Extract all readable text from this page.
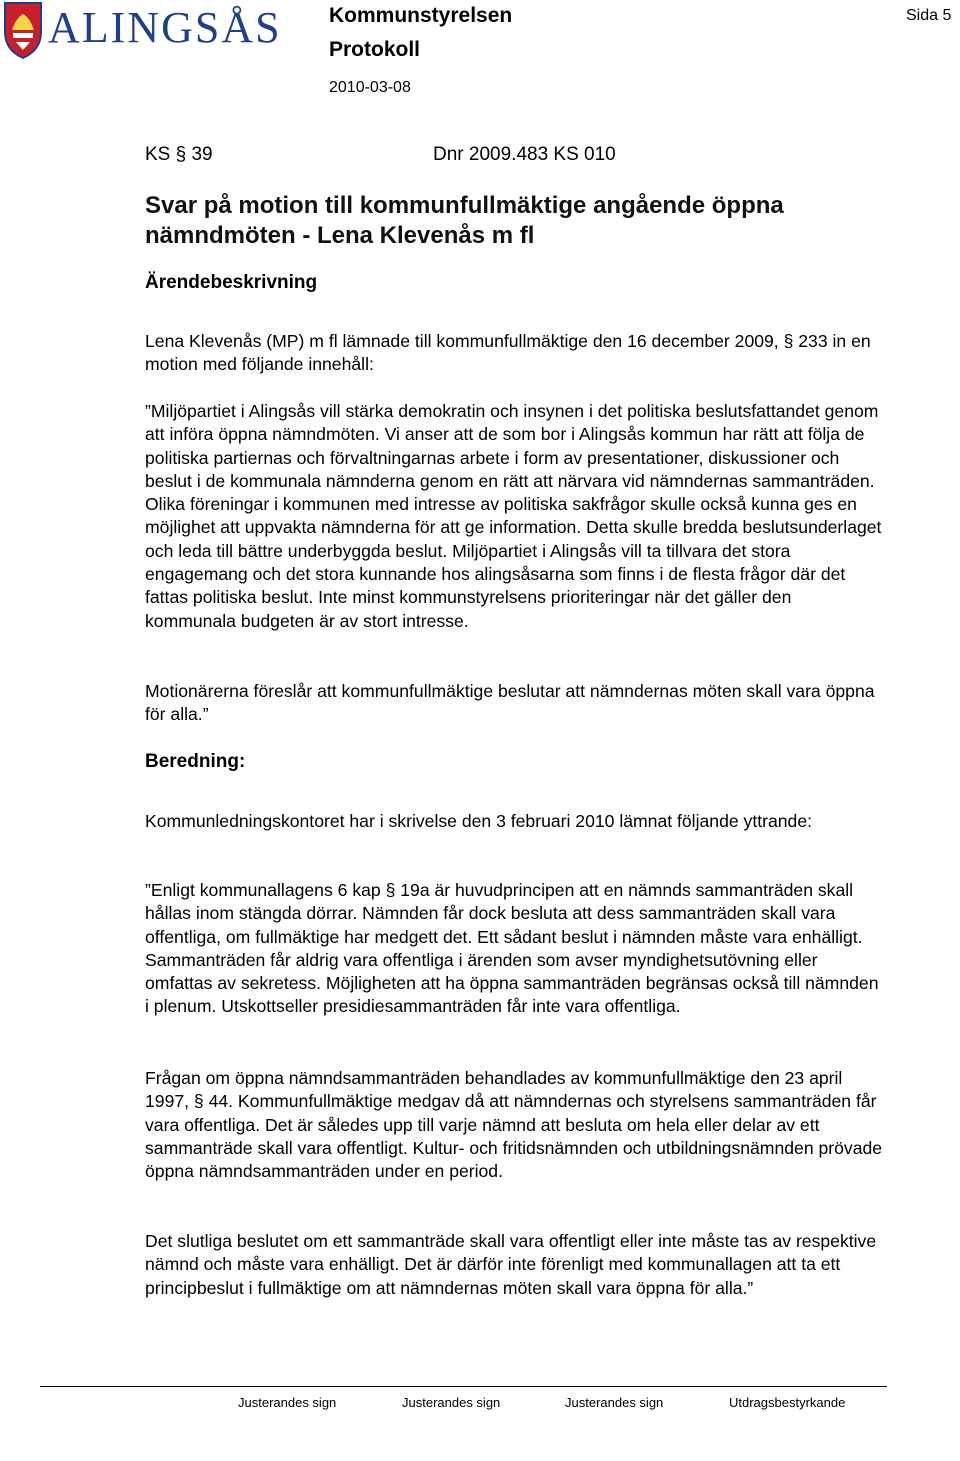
ALINGSÅS Kommunstyrelsen
Protokoll
2010-03-08
Sida 5
KS § 39	Dnr 2009.483 KS 010
Svar på motion till kommunfullmäktige angående öppna nämndmöten - Lena Klevenås m fl
Ärendebeskrivning
Lena Klevenås (MP) m fl lämnade till kommunfullmäktige den 16 december 2009, § 233 in en motion med följande innehåll:
”Miljöpartiet i Alingsås vill stärka demokratin och insynen i det politiska beslutsfattandet genom att införa öppna nämndmöten. Vi anser att de som bor i Alingsås kommun har rätt att följa de politiska partiernas och förvaltningarnas arbete i form av presentationer, diskussioner och beslut i de kommunala nämnderna genom en rätt att närvara vid nämndernas sammanträden. Olika föreningar i kommunen med intresse av politiska sakfrågor skulle också kunna ges en möjlighet att uppvakta nämnderna för att ge information. Detta skulle bredda beslutsunderlaget och leda till bättre underbyggda beslut. Miljöpartiet i Alingsås vill ta tillvara det stora engagemang och det stora kunnande hos alingsåsarna som finns i de flesta frågor där det fattas politiska beslut. Inte minst kommunstyrelsens prioriteringar när det gäller den kommunala budgeten är av stort intresse.
Motionärerna föreslår att kommunfullmäktige beslutar att nämndernas möten skall vara öppna för alla.”
Beredning:
Kommunledningskontoret har i skrivelse den 3 februari 2010 lämnat följande yttrande:
”Enligt kommunallagens 6 kap § 19a är huvudprincipen att en nämnds sammanträden skall hållas inom stängda dörrar. Nämnden får dock besluta att dess sammanträden skall vara offentliga, om fullmäktige har medgett det. Ett sådant beslut i nämnden måste vara enhälligt. Sammanträden får aldrig vara offentliga i ärenden som avser myndighetsutövning eller omfattas av sekretess. Möjligheten att ha öppna sammanträden begränsas också till nämnden i plenum. Utskottseller presidiesammanträden får inte vara offentliga.
Frågan om öppna nämndsammanträden behandlades av kommunfullmäktige den 23 april 1997, § 44. Kommunfullmäktige medgav då att nämndernas och styrelsens sammanträden får vara offentliga. Det är således upp till varje nämnd att besluta om hela eller delar av ett sammanträde skall vara offentligt. Kultur- och fritidsnämnden och utbildningsnämnden prövade öppna nämndsammanträden under en period.
Det slutliga beslutet om ett sammanträde skall vara offentligt eller inte måste tas av respektive nämnd och måste vara enhälligt. Det är därför inte förenligt med kommunallagen att ta ett principbeslut i fullmäktige om att nämndernas möten skall vara öppna för alla.”
Justerandes sign	Justerandes sign	Justerandes sign	Utdragsbestyrkande
